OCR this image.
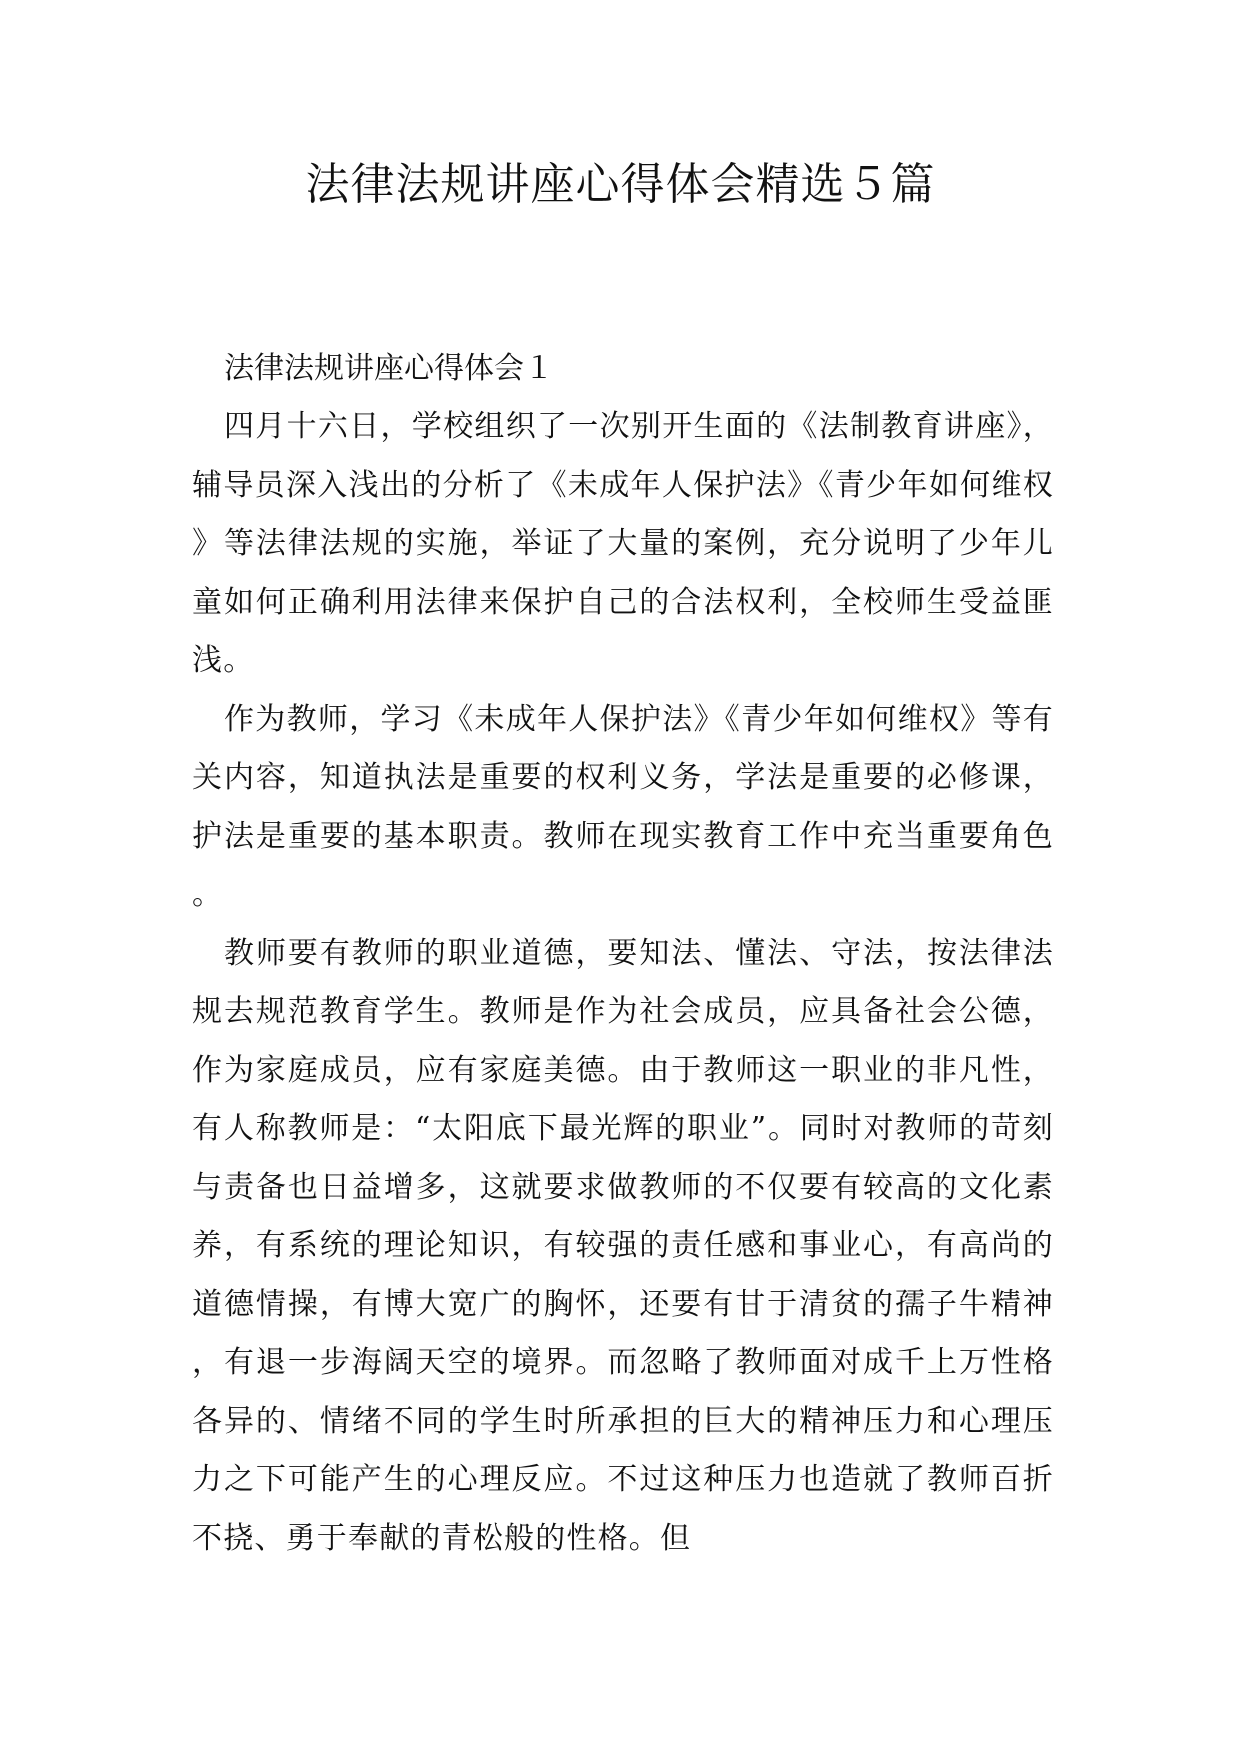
法律法规讲座心得体会精选５篇

法律法规讲座心得体会１

四月十六日，学校组织了一次别开生面的《法制教育讲座》，辅导员深入浅出的分析了《未成年人保护法》《青少年如何维权》等法律法规的实施，举证了大量的案例，充分说明了少年儿童如何正确利用法律来保护自己的合法权利，全校师生受益匪浅。

作为教师，学习《未成年人保护法》《青少年如何维权》等有关内容，知道执法是重要的权利义务，学法是重要的必修课，护法是重要的基本职责。教师在现实教育工作中充当重要角色。

教师要有教师的职业道德，要知法、懂法、守法，按法律法规去规范教育学生。教师是作为社会成员，应具备社会公德，作为家庭成员，应有家庭美德。由于教师这一职业的非凡性，有人称教师是：“太阳底下最光辉的职业”。同时对教师的苛刻与责备也日益增多，这就要求做教师的不仅要有较高的文化素养，有系统的理论知识，有较强的责任感和事业心，有高尚的道德情操，有博大宽广的胸怀，还要有甘于清贫的孺子牛精神，有退一步海阔天空的境界。而忽略了教师面对成千上万性格各异的、情绪不同的学生时所承担的巨大的精神压力和心理压力之下可能产生的心理反应。不过这种压力也造就了教师百折不挠、勇于奉献的青松般的性格。但
